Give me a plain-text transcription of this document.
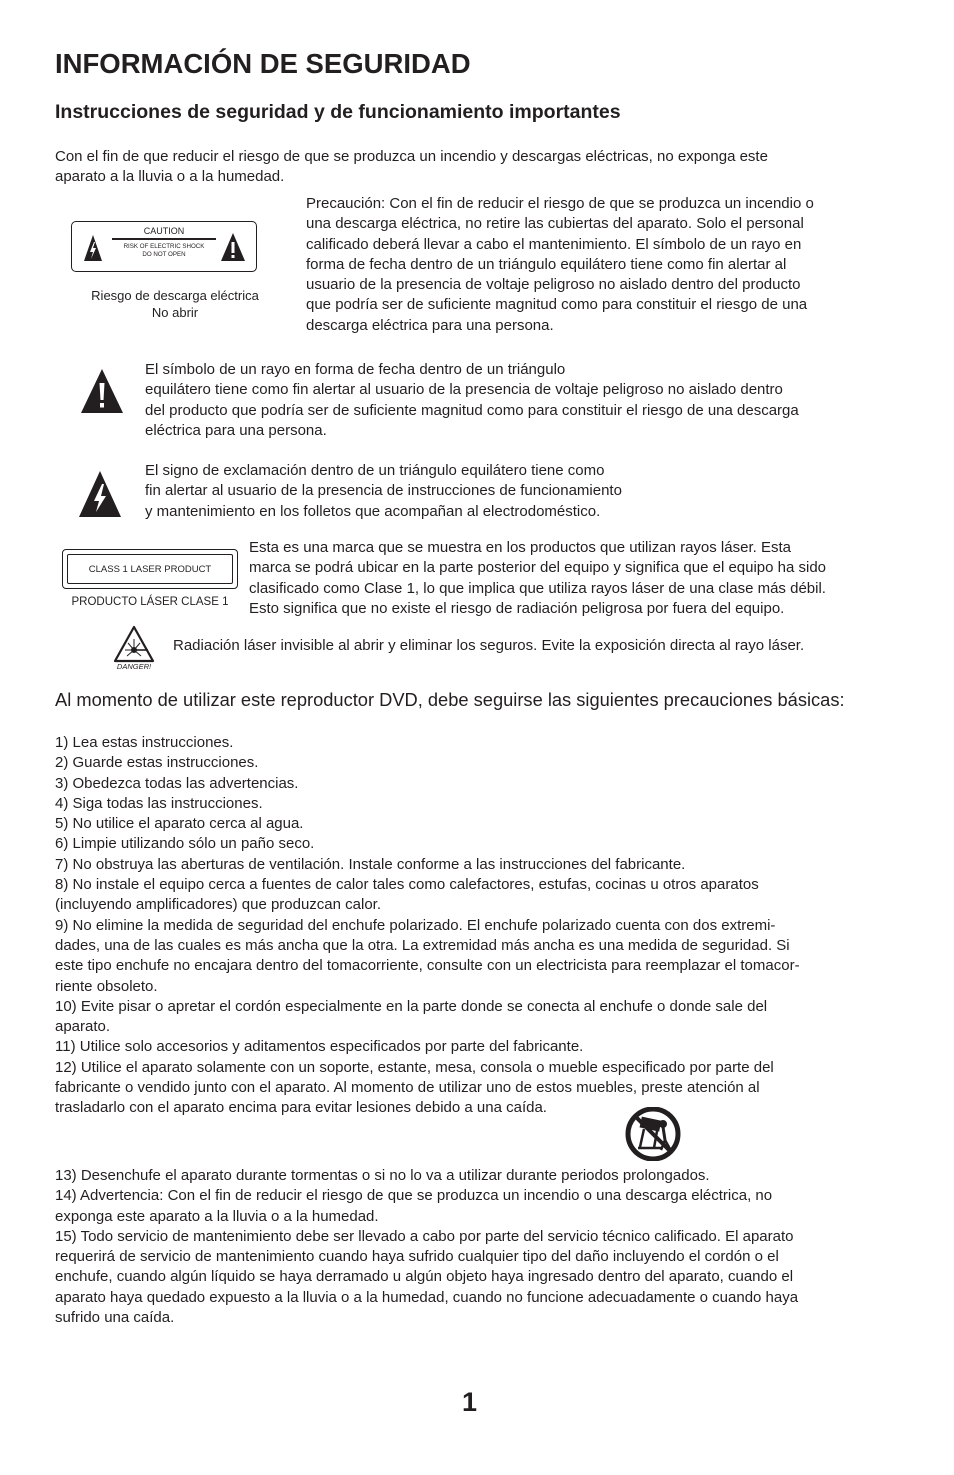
INFORMACIÓN DE SEGURIDAD
Instrucciones de seguridad y de funcionamiento importantes
Con el fin de que reducir el riesgo de que se produzca un incendio y descargas eléctricas, no exponga este
aparato a la lluvia o a la humedad.
CAUTION
RISK OF ELECTRIC SHOCK
DO NOT OPEN
Riesgo de descarga eléctrica
No abrir
Precaución: Con el fin de reducir el riesgo de que se produzca un incendio o
una descarga eléctrica, no retire las cubiertas del aparato. Solo el personal
calificado deberá llevar a cabo el mantenimiento. El símbolo de un rayo en
forma de fecha dentro de un triángulo equilátero tiene como fin alertar al
usuario de la presencia de voltaje peligroso no aislado dentro del producto
que podría ser de suficiente magnitud como para constituir el riesgo de una
descarga eléctrica para una persona.
El símbolo de un rayo en forma de fecha dentro de un triángulo
equilátero tiene como fin alertar al usuario de la presencia de voltaje peligroso no aislado dentro
del producto que podría ser de suficiente magnitud como para constituir el riesgo de una descarga
eléctrica para una persona.
El signo de exclamación dentro de un triángulo equilátero tiene como
fin alertar al usuario de la presencia de instrucciones de funcionamiento
y mantenimiento en los folletos que acompañan al electrodoméstico.
CLASS 1 LASER PRODUCT
PRODUCTO LÁSER CLASE 1
Esta es una marca que se muestra en los productos que utilizan rayos láser. Esta
marca se podrá ubicar en la parte posterior del equipo y significa que el equipo ha sido
clasificado como Clase 1, lo que implica que utiliza rayos láser de una clase más débil.
Esto significa que no existe el riesgo de radiación peligrosa por fuera del equipo.
DANGER!
Radiación láser invisible al abrir y eliminar los seguros. Evite la exposición directa al rayo láser.
Al momento de utilizar este reproductor DVD, debe seguirse las siguientes precauciones básicas:
1) Lea estas instrucciones.
2) Guarde estas instrucciones.
3) Obedezca todas las advertencias.
4) Siga todas las instrucciones.
5) No utilice el aparato cerca al agua.
6) Limpie utilizando sólo un paño seco.
7) No obstruya las aberturas de ventilación. Instale conforme a las instrucciones del fabricante.
8) No instale el equipo cerca a fuentes de calor tales como calefactores, estufas, cocinas u otros aparatos
(incluyendo amplificadores) que produzcan calor.
9) No elimine la medida de seguridad del enchufe polarizado. El enchufe polarizado cuenta con dos extremi-
dades, una de las cuales es más ancha que la otra. La extremidad más ancha es una medida de seguridad. Si
este tipo enchufe no encajara dentro del tomacorriente, consulte con un electricista para reemplazar el tomacor-
riente obsoleto.
10) Evite pisar o apretar el cordón especialmente en la parte donde se conecta al enchufe o donde sale del
aparato.
11) Utilice solo accesorios y aditamentos especificados por parte del fabricante.
12) Utilice el aparato solamente con un soporte, estante, mesa, consola o mueble especificado por parte del
fabricante o vendido junto con el aparato. Al momento de utilizar uno de estos muebles, preste atención al
trasladarlo con el aparato encima para evitar lesiones debido a una caída.
13) Desenchufe el aparato durante tormentas o si no lo va a utilizar durante periodos prolongados.
14) Advertencia: Con el fin de reducir el riesgo de que se produzca un incendio o una descarga eléctrica, no
exponga este aparato a la lluvia o a la humedad.
15) Todo servicio de mantenimiento debe ser llevado a cabo por parte del servicio técnico calificado. El aparato
requerirá de servicio de mantenimiento cuando haya sufrido cualquier tipo del daño incluyendo el cordón o el
enchufe, cuando algún líquido se haya derramado u algún objeto haya ingresado dentro del aparato, cuando el
aparato haya quedado expuesto a la lluvia o a la humedad, cuando no funcione adecuadamente o cuando haya
sufrido una caída.
1
